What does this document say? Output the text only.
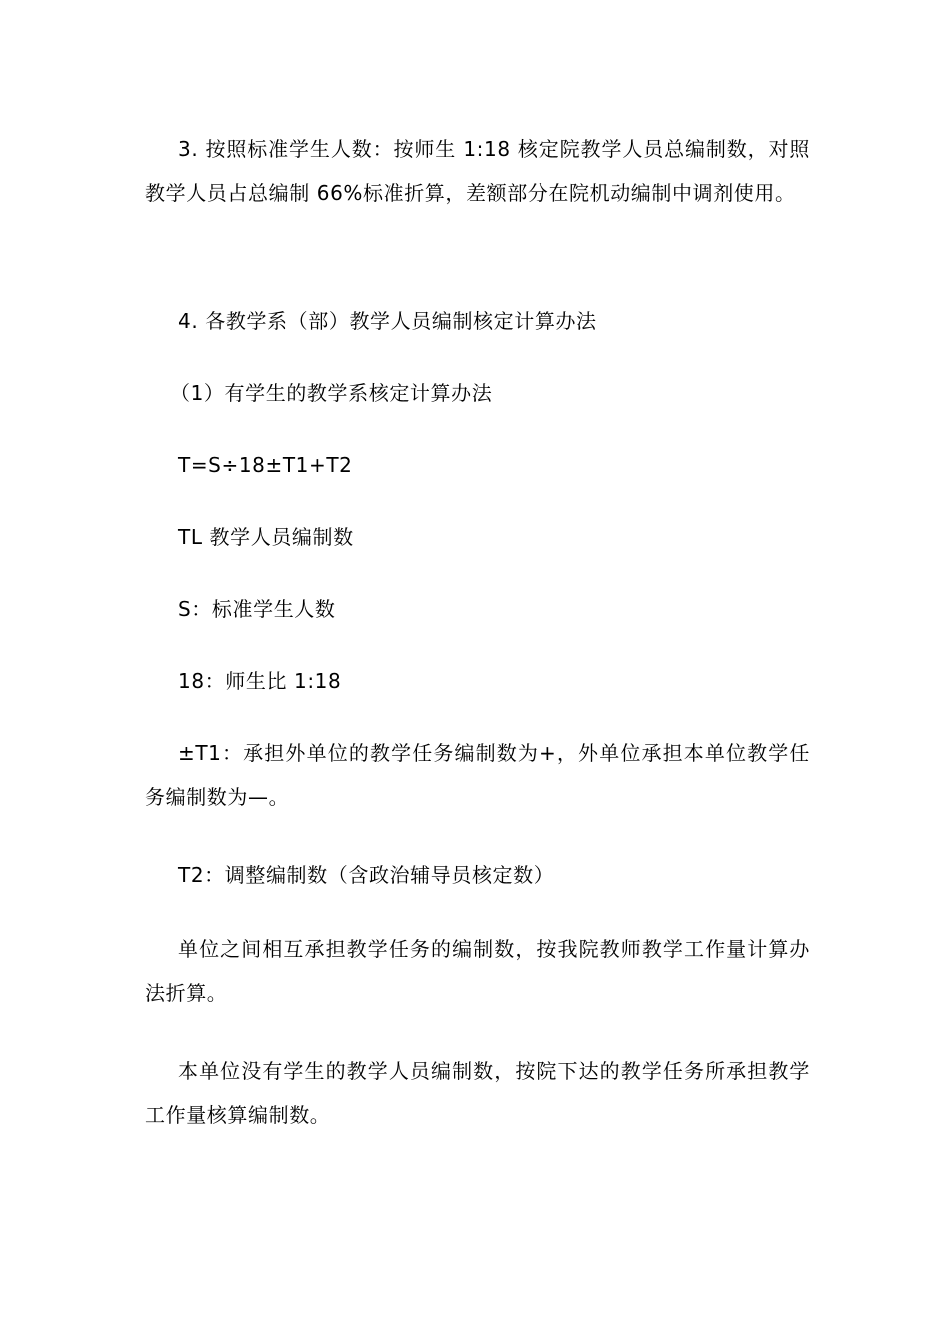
3. 按照标准学生人数：按师生 1:18 核定院教学人员总编制数，对照教学人员占总编制 66%标准折算，差额部分在院机动编制中调剂使用。

4. 各教学系（部）教学人员编制核定计算办法

（1）有学生的教学系核定计算办法

T=S÷18±T1+T2

TL 教学人员编制数

S：标准学生人数

18：师生比 1:18

±T1：承担外单位的教学任务编制数为+，外单位承担本单位教学任务编制数为—。

T2：调整编制数（含政治辅导员核定数）

单位之间相互承担教学任务的编制数，按我院教师教学工作量计算办法折算。

本单位没有学生的教学人员编制数，按院下达的教学任务所承担教学工作量核算编制数。
